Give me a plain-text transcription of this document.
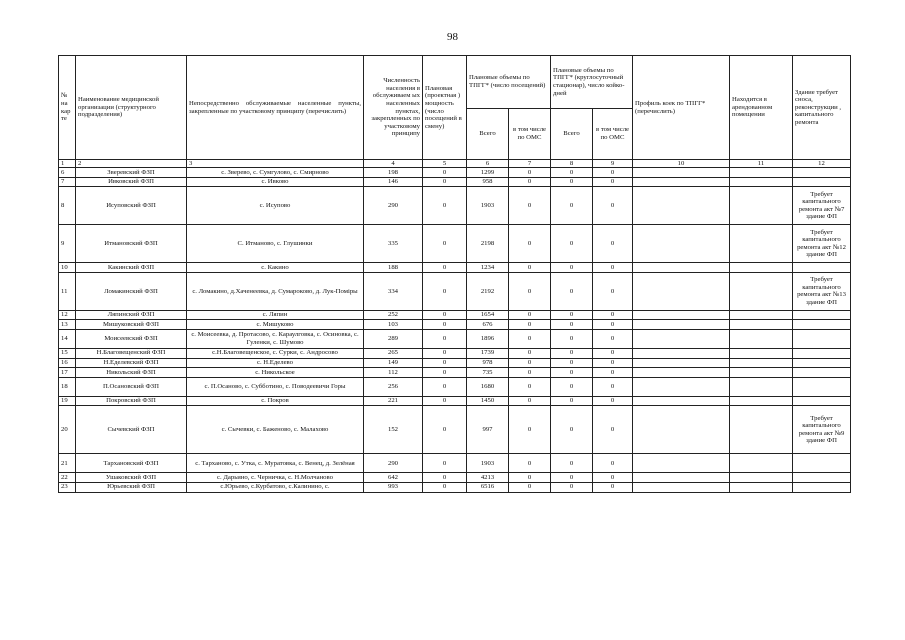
98
№ на кар те	Наименование медицинской организации (структурного подразделения)	Непосредственно обслуживаемые населенные пункты, закрепленные по участковому принципу (перечислить)	Численность населения в обслуживаем ых населенных пунктах, закрепленных по участковому принципу	Плановая (проектная ) мощность (число посещений в смену)	Плановые объемы по ТПГГ* (число посещений)		Плановые объемы по ТПГГ* (круглосуточный стационар), число койко-дней		Профиль коек по ТПГГ* (перечислить)	Находится в арендованном помещении	Здание требует сноса, реконструкции , капитального ремонта
					Всего	в том числе по ОМС	Всего	в том числе по ОМС			
1	2	3	4	5	6	7	8	9	10	11	12
6	Зверевский ФЗП	с. Зверево, с. Сумгулово, с. Смирново	198	0	1299	0	0	0			
7	Ивковский ФЗП	с. Ивково	146	0	958	0	0	0			
8	Исуповский ФЗП	с. Исупово	290	0	1903	0	0	0			Требует капитального ремонта акт №7 здание ФП
9	Итмановский ФЗП	С. Итманово, с. Глушинки	335	0	2198	0	0	0			Требует капитального ремонта акт №12 здание ФП
10	Какинский ФЗП	с. Какино	188	0	1234	0	0	0			
11	Ломакинский ФЗП	с. Ломакино, д.Хаченеевка, д. Сумароково, д. Лук-Поміры	334	0	2192	0	0	0			Требует капитального ремонта акт №13 здание ФП
12	Ляпинский ФЗП	с. Ляпин	252	0	1654	0	0	0			
13	Мишуковский ФЗП	с. Мишуково	103	0	676	0	0	0			
14	Моисеевский ФЗП	с. Моисеевка, д. Протасово, с. Караулговка, с. Осиновка, с. Гуленки, с. Шумово	289	0	1896	0	0	0			
15	Н.Благовещенский ФЗП	с.Н.Благовещенское, с. Сурки, с. Андросово	265	0	1739	0	0	0			
16	Н.Еделевский ФЗП	с. Н.Еделево	149	0	978	0	0	0			
17	Никольский ФЗП	с. Никольское	112	0	735	0	0	0			
18	П.Осановский ФЗП	с. П.Осаново, с. Субботино, с. Поводеевичи Горы	256	0	1680	0	0	0			
19	Покровский ФЗП	с. Покров	221	0	1450	0	0	0			
20	Сычевский ФЗП	с. Сычевки, с. Баженово, с. Малахово	152	0	997	0	0	0			Требует капитального ремонта акт №9 здание ФП
21	Тархановский ФЗП	с. Тарханово, с. Утка, с. Муратовка, с. Венец, д. Зелёная	290	0	1903	0	0	0			
22	Ушаковский ФЗП	с. Дарьино, с. Черничка, с. Н.Молчаново	642	0	4213	0	0	0			
23	Юрьевский ФЗП	с.Юрьево, с.Курбатово, с.Калинино, с.	993	0	6516	0	0	0			
